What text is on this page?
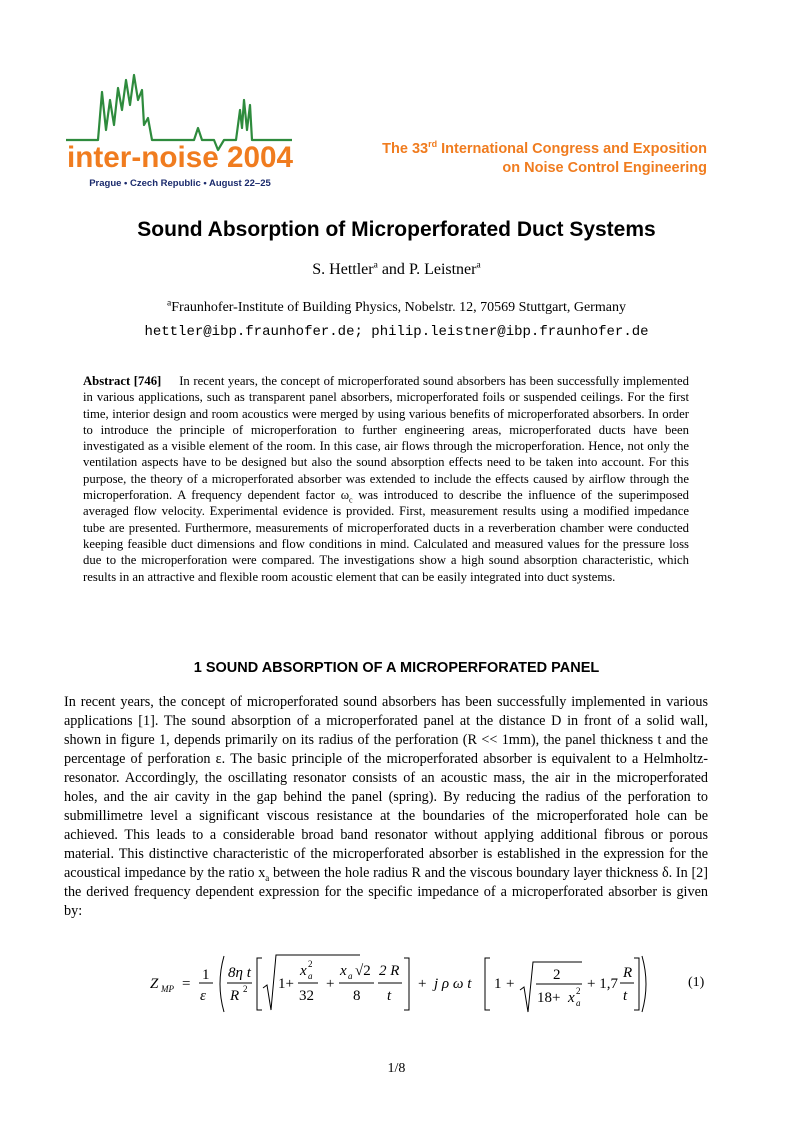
inter-noise 2004
Prague • Czech Republic • August 22–25
The 33rd International Congress and Exposition
on Noise Control Engineering
Sound Absorption of Microperforated Duct Systems
S. Hettler$^a$ and P. Leistner$^a$
$^a$Fraunhofer-Institute of Building Physics, Nobelstr. 12, 70569 Stuttgart, Germany
hettler@ibp.fraunhofer.de; philip.leistner@ibp.fraunhofer.de
Abstract [746] In recent years, the concept of microperforated sound absorbers has been successfully implemented in various applications, such as transparent panel absorbers, microperforated foils or suspended ceilings. For the first time, interior design and room acoustics were merged by using various benefits of microperforated absorbers. In order to introduce the principle of microperforation to further engineering areas, microperforated ducts have been investigated as a visible element of the room. In this case, air flows through the microperforation. Hence, not only the ventilation aspects have to be designed but also the sound absorption effects need to be taken into account. For this purpose, the theory of a microperforated absorber was extended to include the effects caused by airflow through the microperforation. A frequency dependent factor $\omega_c$ was introduced to describe the influence of the superimposed averaged flow velocity. Experimental evidence is provided. First, measurement results using a modified impedance tube are presented. Furthermore, measurements of microperforated ducts in a reverberation chamber were conducted keeping feasible duct dimensions and flow conditions in mind. Calculated and measured values for the pressure loss due to the microperforation were compared. The investigations show a high sound absorption characteristic, which results in an attractive and flexible room acoustic element that can be easily integrated into duct systems.
1 SOUND ABSORPTION OF A MICROPERFORATED PANEL
In recent years, the concept of microperforated sound absorbers has been successfully implemented in various applications [1]. The sound absorption of a microperforated panel at the distance D in front of a solid wall, shown in figure 1, depends primarily on its radius of the perforation (R << 1mm), the panel thickness t and the percentage of perforation ε. The basic principle of the microperforated absorber is equivalent to a Helmholtz-resonator. Accordingly, the oscillating resonator consists of an acoustic mass, the air in the microperforated holes, and the air cavity in the gap behind the panel (spring). By reducing the radius of the perforation to submillimetre level a significant viscous resistance at the boundaries of the microperforated hole can be achieved. This leads to a considerable broad band resonator without applying additional fibrous or porous material. This distinctive characteristic of the microperforated absorber is established in the expression for the acoustical impedance by the ratio $x_a$ between the hole radius R and the viscous boundary layer thickness δ. In [2] the derived frequency dependent expression for the specific impedance of a microperforated absorber is given by:
Z MP =
1
ε
8η t
R 2 1+
x 2
a
32
+
x a √2
8
2 R
t
+ j ρ ω t 1 +
2
18+ x 2
a
+ 1,7
R
t
(1)
1/8
